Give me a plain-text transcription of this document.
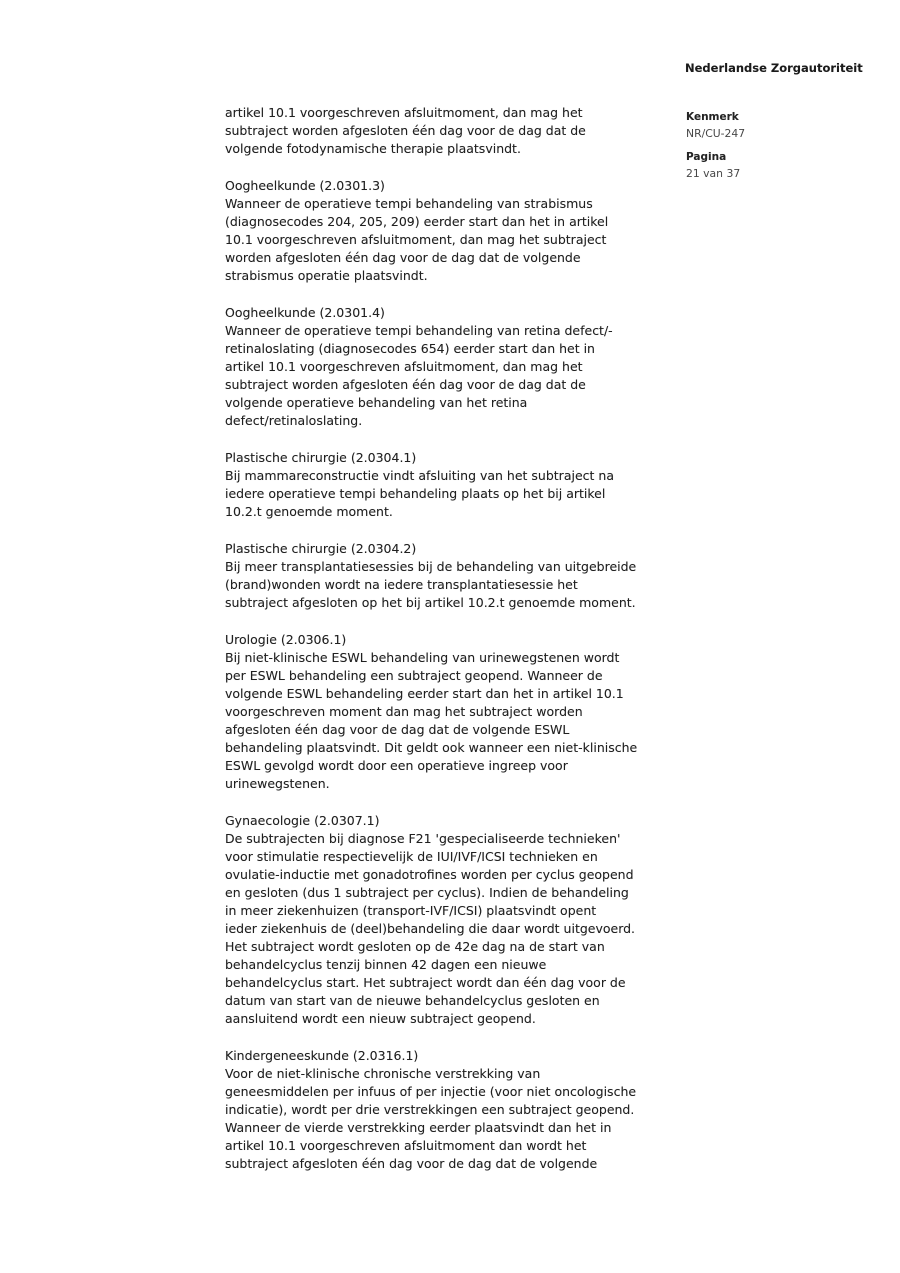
Nederlandse Zorgautoriteit
Kenmerk
NR/CU-247
Pagina
21 van 37
artikel 10.1 voorgeschreven afsluitmoment, dan mag het
subtraject worden afgesloten één dag voor de dag dat de
volgende fotodynamische therapie plaatsvindt.
Oogheelkunde (2.0301.3)
Wanneer de operatieve tempi behandeling van strabismus
(diagnosecodes 204, 205, 209) eerder start dan het in artikel
10.1 voorgeschreven afsluitmoment, dan mag het subtraject
worden afgesloten één dag voor de dag dat de volgende
strabismus operatie plaatsvindt.
Oogheelkunde (2.0301.4)
Wanneer de operatieve tempi behandeling van retina defect/-
retinaloslating (diagnosecodes 654) eerder start dan het in
artikel 10.1 voorgeschreven afsluitmoment, dan mag het
subtraject worden afgesloten één dag voor de dag dat de
volgende operatieve behandeling van het retina
defect/retinaloslating.
Plastische chirurgie (2.0304.1)
Bij mammareconstructie vindt afsluiting van het subtraject na
iedere operatieve tempi behandeling plaats op het bij artikel
10.2.t genoemde moment.
Plastische chirurgie (2.0304.2)
Bij meer transplantatiesessies bij de behandeling van uitgebreide
(brand)wonden wordt na iedere transplantatiesessie het
subtraject afgesloten op het bij artikel 10.2.t genoemde moment.
Urologie (2.0306.1)
Bij niet-klinische ESWL behandeling van urinewegstenen wordt
per ESWL behandeling een subtraject geopend. Wanneer de
volgende ESWL behandeling eerder start dan het in artikel 10.1
voorgeschreven moment dan mag het subtraject worden
afgesloten één dag voor de dag dat de volgende ESWL
behandeling plaatsvindt. Dit geldt ook wanneer een niet-klinische
ESWL gevolgd wordt door een operatieve ingreep voor
urinewegstenen.
Gynaecologie (2.0307.1)
De subtrajecten bij diagnose F21 'gespecialiseerde technieken'
voor stimulatie respectievelijk de IUI/IVF/ICSI technieken en
ovulatie-inductie met gonadotrofines worden per cyclus geopend
en gesloten (dus 1 subtraject per cyclus). Indien de behandeling
in meer ziekenhuizen (transport-IVF/ICSI) plaatsvindt opent
ieder ziekenhuis de (deel)behandeling die daar wordt uitgevoerd.
Het subtraject wordt gesloten op de 42e dag na de start van
behandelcyclus tenzij binnen 42 dagen een nieuwe
behandelcyclus start. Het subtraject wordt dan één dag voor de
datum van start van de nieuwe behandelcyclus gesloten en
aansluitend wordt een nieuw subtraject geopend.
Kindergeneeskunde (2.0316.1)
Voor de niet-klinische chronische verstrekking van
geneesmiddelen per infuus of per injectie (voor niet oncologische
indicatie), wordt per drie verstrekkingen een subtraject geopend.
Wanneer de vierde verstrekking eerder plaatsvindt dan het in
artikel 10.1 voorgeschreven afsluitmoment dan wordt het
subtraject afgesloten één dag voor de dag dat de volgende
